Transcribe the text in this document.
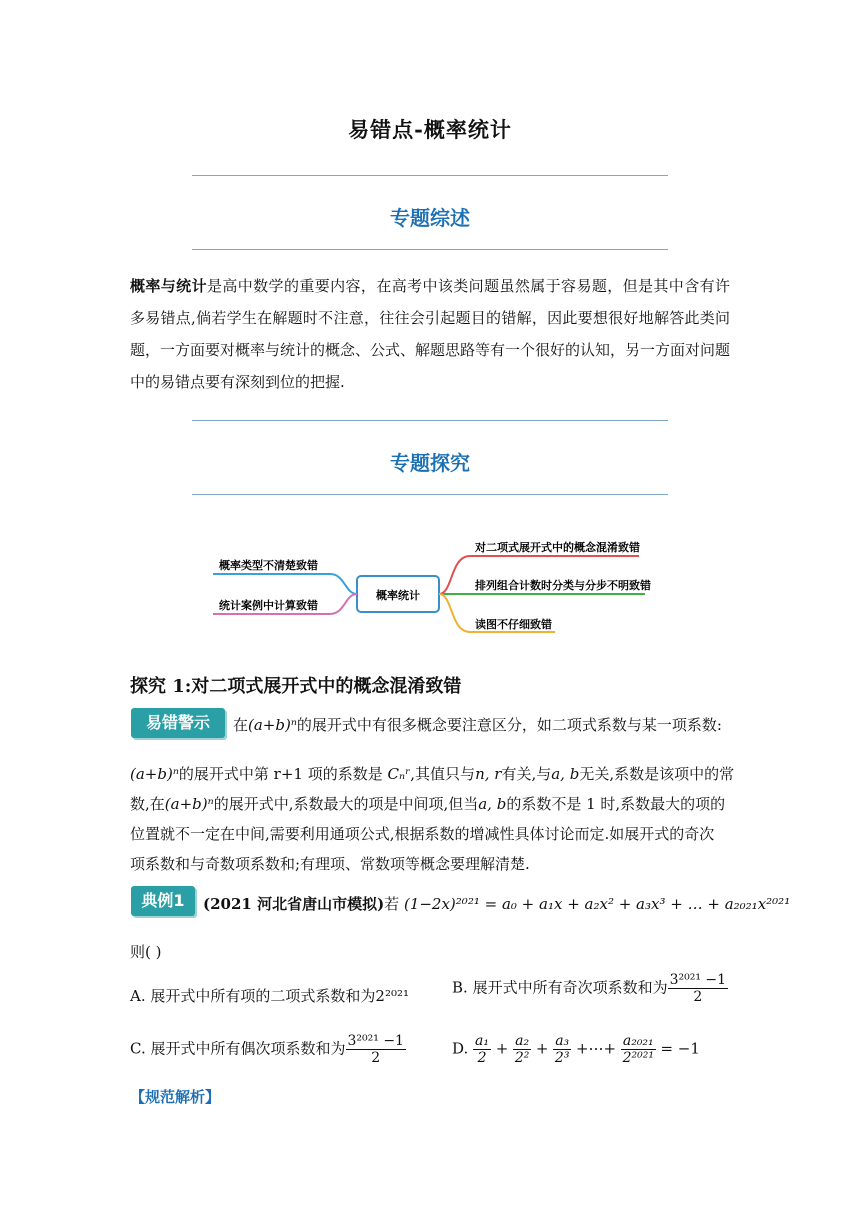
易错点-概率统计
专题综述
概率与统计是高中数学的重要内容，在高考中该类问题虽然属于容易题，但是其中含有许多易错点,倘若学生在解题时不注意，往往会引起题目的错解，因此要想很好地解答此类问题，一方面要对概率与统计的概念、公式、解题思路等有一个很好的认知，另一方面对问题中的易错点要有深刻到位的把握.
专题探究
概率统计
概率类型不清楚致错
统计案例中计算致错
对二项式展开式中的概念混淆致错
排列组合计数时分类与分步不明致错
读图不仔细致错
探究 1:对二项式展开式中的概念混淆致错
易错警示	在(a+b)ⁿ的展开式中有很多概念要注意区分，如二项式系数与某一项系数:
(a+b)ⁿ的展开式中第 r+1 项的系数是 Cₙʳ,其值只与n, r有关,与a, b无关,系数是该项中的常
数,在(a+b)ⁿ的展开式中,系数最大的项是中间项,但当a, b的系数不是 1 时,系数最大的项的
位置就不一定在中间,需要利用通项公式,根据系数的增减性具体讨论而定.如展开式的奇次
项系数和与奇数项系数和;有理项、常数项等概念要理解清楚.
典例1	(2021 河北省唐山市模拟)若 (1−2x)²⁰²¹ = a₀ + a₁x + a₂x² + a₃x³ + … + a₂₀₂₁x²⁰²¹
则( )
A. 展开式中所有项的二项式系数和为2²⁰²¹	B. 展开式中所有奇次项系数和为 $\frac{\text{3²⁰²¹ −1}}{2}$
C. 展开式中所有偶次项系数和为 $\frac{\text{3²⁰²¹ −1}}{2}$	D. $\frac{\text{a₁}}{2} + \frac{\text{a₂}}{\text{2²}} + \frac{\text{a₃}}{\text{2³}}$ +⋯+ $\frac{\text{a₂₀₂₁}}{\text{2²⁰²¹}} = -1$
【规范解析】
